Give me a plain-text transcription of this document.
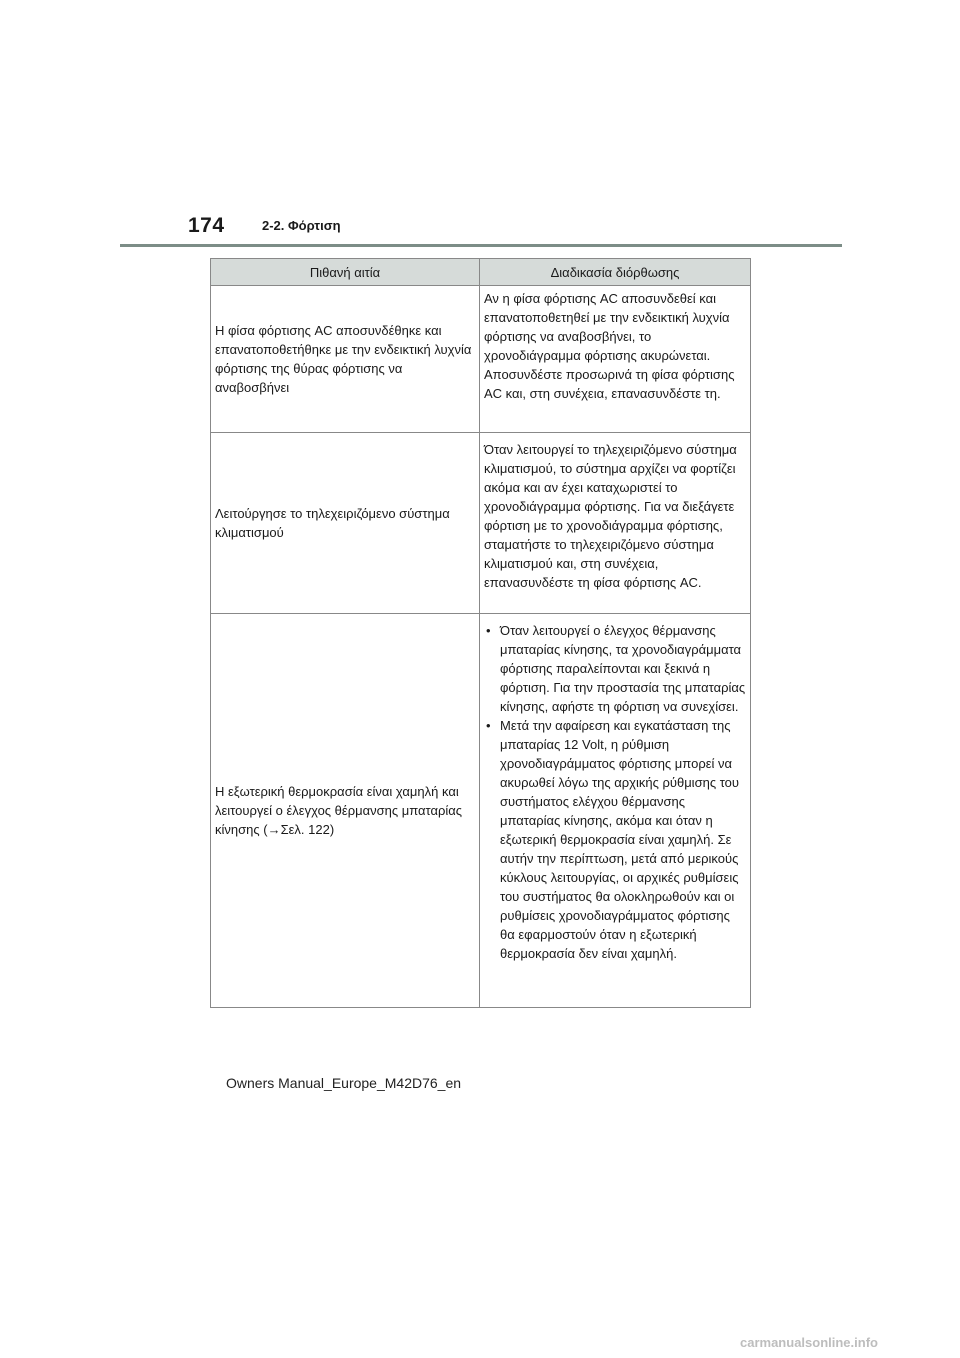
174	2-2. Φόρτιση
Πιθανή αιτία	Διαδικασία διόρθωσης

Η φίσα φόρτισης AC αποσυνδέθηκε και επανατοποθετήθηκε με την ενδεικτική λυχνία φόρτισης της θύρας φόρτισης να αναβοσβήνει	Αν η φίσα φόρτισης AC αποσυνδεθεί και επανατοποθετηθεί με την ενδεικτική λυχνία φόρτισης να αναβοσβήνει, το χρονοδιάγραμμα φόρτισης ακυρώνεται. Αποσυνδέστε προσωρινά τη φίσα φόρτισης AC και, στη συνέχεια, επανασυνδέστε τη.

Λειτούργησε το τηλεχειριζόμενο σύστημα κλιματισμού	Όταν λειτουργεί το τηλεχειριζόμενο σύστημα κλιματισμού, το σύστημα αρχίζει να φορτίζει ακόμα και αν έχει καταχωριστεί το χρονοδιάγραμμα φόρτισης. Για να διεξάγετε φόρτιση με το χρονοδιάγραμμα φόρτισης, σταματήστε το τηλεχειριζόμενο σύστημα κλιματισμού και, στη συνέχεια, επανασυνδέστε τη φίσα φόρτισης AC.

Η εξωτερική θερμοκρασία είναι χαμηλή και λειτουργεί ο έλεγχος θέρμανσης μπαταρίας κίνησης (→Σελ. 122)	• Όταν λειτουργεί ο έλεγχος θέρμανσης μπαταρίας κίνησης, τα χρονοδιαγράμματα φόρτισης παραλείπονται και ξεκινά η φόρτιση. Για την προστασία της μπαταρίας κίνησης, αφήστε τη φόρτιση να συνεχίσει.
• Μετά την αφαίρεση και εγκατάσταση της μπαταρίας 12 Volt, η ρύθμιση χρονοδιαγράμματος φόρτισης μπορεί να ακυρωθεί λόγω της αρχικής ρύθμισης του συστήματος ελέγχου θέρμανσης μπαταρίας κίνησης, ακόμα και όταν η εξωτερική θερμοκρασία είναι χαμηλή. Σε αυτήν την περίπτωση, μετά από μερικούς κύκλους λειτουργίας, οι αρχικές ρυθμίσεις του συστήματος θα ολοκληρωθούν και οι ρυθμίσεις χρονοδιαγράμματος φόρτισης θα εφαρμοστούν όταν η εξωτερική θερμοκρασία δεν είναι χαμηλή.
Owners Manual_Europe_M42D76_en
carmanualsonline.info
